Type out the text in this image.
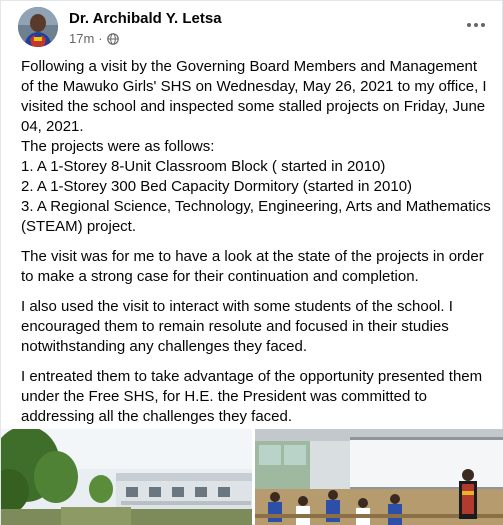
Dr. Archibald Y. Letsa
17m ·

Following a visit by the Governing Board Members and Management
of the Mawuko Girls' SHS on Wednesday, May 26, 2021 to my office, I
visited the school and inspected some stalled projects on Friday, June
04, 2021.
The projects were as follows:
1. A 1-Storey 8-Unit Classroom Block ( started in 2010)
2. A 1-Storey 300 Bed Capacity Dormitory (started in 2010)
3. A Regional Science, Technology, Engineering, Arts and Mathematics
(STEAM) project.

The visit was for me to have a look at the state of the projects in order
to make a strong case for their continuation and completion.

I also used the visit to interact with some students of the school. I
encouraged them to remain resolute and focused in their studies
notwithstanding any challenges they faced.

I entreated them to take advantage of the opportunity presented them
under the Free SHS, for H.E. the President was committed to
addressing all the challenges they faced.
